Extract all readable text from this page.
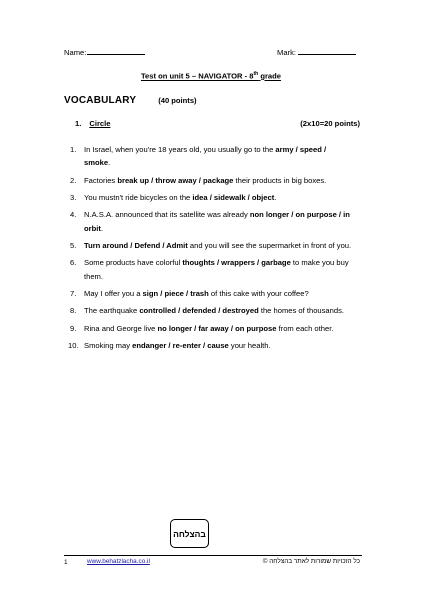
Name:	Mark:
Test on unit 5 – NAVIGATOR - 8th grade
VOCABULARY	(40 points)
1. Circle	(2x10=20 points)
1. In Israel, when you're 18 years old, you usually go to the army / speed / smoke.
2. Factories break up / throw away / package their products in big boxes.
3. You mustn't ride bicycles on the idea / sidewalk / object.
4. N.A.S.A. announced that its satellite was already non longer / on purpose / in orbit.
5. Turn around / Defend / Admit and you will see the supermarket in front of you.
6. Some products have colorful thoughts / wrappers / garbage to make you buy them.
7. May I offer you a sign / piece / trash of this cake with your coffee?
8. The earthquake controlled / defended / destroyed the homes of thousands.
9. Rina and George live no longer / far away / on purpose from each other.
10. Smoking may endanger / re-enter / cause your health.
בהצלחה
1	www.behatzlacha.co.il	כל הזכויות שמורות לאתר בהצלחה ©
